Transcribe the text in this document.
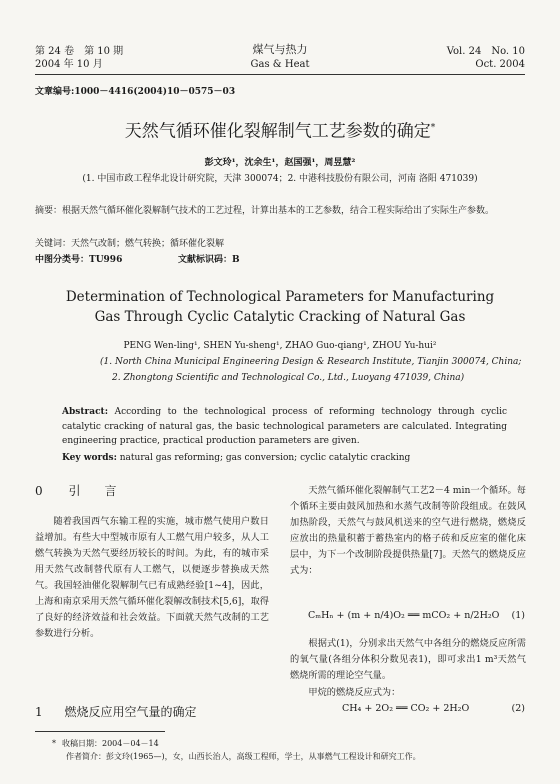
第 24 卷　第 10 期
2004 年 10 月
煤气与热力
Gas & Heat
Vol. 24　No. 10
Oct. 2004
文章编号:1000－4416(2004)10－0575－03
天然气循环催化裂解制气工艺参数的确定*
彭文玲¹，沈余生¹，赵国强¹，周昱慧²
(1. 中国市政工程华北设计研究院，天津 300074；2. 中港科技股份有限公司，河南 洛阳 471039)
摘要：根据天然气循环催化裂解制气技术的工艺过程，计算出基本的工艺参数，结合工程实际给出了实际生产参数。
关键词：天然气改制；燃气转换；循环催化裂解
中图分类号：TU996	文献标识码：B
Determination of Technological Parameters for Manufacturing
Gas Through Cyclic Catalytic Cracking of Natural Gas
PENG Wen-ling¹, SHEN Yu-sheng¹, ZHAO Guo-qiang¹, ZHOU Yu-hui²
(1. North China Municipal Engineering Design & Research Institute, Tianjin 300074, China;
2. Zhongtong Scientific and Technological Co., Ltd., Luoyang 471039, China)
Abstract: According to the technological process of reforming technology through cyclic catalytic cracking of natural gas, the basic technological parameters are calculated. Integrating engineering practice, practical production parameters are given.
Key words: natural gas reforming; gas conversion; cyclic catalytic cracking
0 引　　言

随着我国西气东输工程的实施，城市燃气使用户数日益增加。有些大中型城市原有人工燃气用户较多，从人工燃气转换为天然气要经历较长的时间。为此，有的城市采用天然气改制替代原有人工燃气，以便逐步替换成天然气。我国轻油催化裂解制气已有成熟经验[1~4]，因此，上海和南京采用天然气循环催化裂解改制技术[5,6]，取得了良好的经济效益和社会效益。下面就天然气改制的工艺参数进行分析。

1 燃烧反应用空气量的确定

天然气循环催化裂解制气工艺2－4 min一个循环。每个循环主要由鼓风加热和水蒸气改制等阶段组成。在鼓风加热阶段，天然气与鼓风机送来的空气进行燃烧，燃烧反应放出的热量积蓄于蓄热室内的格子砖和反应室的催化床层中，为下一个改制阶段提供热量[7]。天然气的燃烧反应式为：

CₘHₙ + (m + n/4)O₂ ══ mCO₂ + n/2H₂O (1)

根据式(1)，分别求出天然气中各组分的燃烧反应所需的氧气量(各组分体积分数见表1)，即可求出1 m³天然气燃烧所需的理论空气量。

甲烷的燃烧反应式为：

CH₄ + 2O₂ ══ CO₂ + 2H₂O	(2)
* 收稿日期：2004－04－14
作者简介：彭文玲(1965—)，女，山西长治人，高级工程师，学士，从事燃气工程设计和研究工作。
